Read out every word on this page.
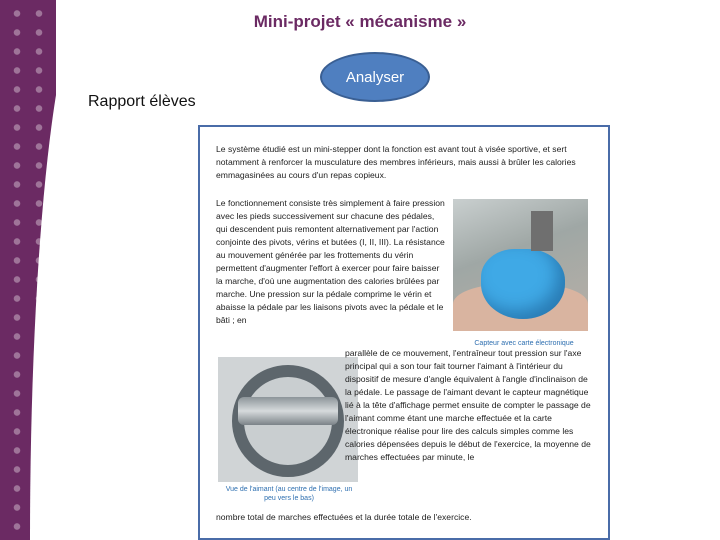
Mini-projet « mécanisme »
Analyser
Rapport élèves
Le système étudié est un mini-stepper dont la fonction est avant tout à visée sportive, et sert notamment à renforcer la musculature des membres inférieurs, mais aussi à brûler les calories emmagasinées au cours d'un repas copieux.
Le fonctionnement consiste très simplement à faire pression avec les pieds successivement sur chacune des pédales, qui descendent puis remontent alternativement par l'action conjointe des pivots, vérins et butées (I, II, III). La résistance au mouvement générée par les frottements du vérin permettent d'augmenter l'effort à exercer pour faire baisser la marche, d'où une augmentation des calories brûlées par marche. Une pression sur la pédale comprime le vérin et abaisse la pédale par les liaisons pivots avec la pédale et le bâti ; en
Capteur avec carte électronique
Vue de l'aimant (au centre de l'image, un peu vers le bas)
parallèle de ce mouvement, l'entraîneur tout pression sur l'axe principal qui a son tour fait tourner l'aimant à l'intérieur du dispositif de mesure d'angle équivalent à l'angle d'inclinaison de la pédale. Le passage de l'aimant devant le capteur magnétique lié à la tête d'affichage permet ensuite de compter le passage de l'aimant comme étant une marche effectuée et la carte électronique réalise pour lire des calculs simples comme les calories dépensées depuis le début de l'exercice, la moyenne de marches effectuées par minute, le
nombre total de marches effectuées et la durée totale de l'exercice.
